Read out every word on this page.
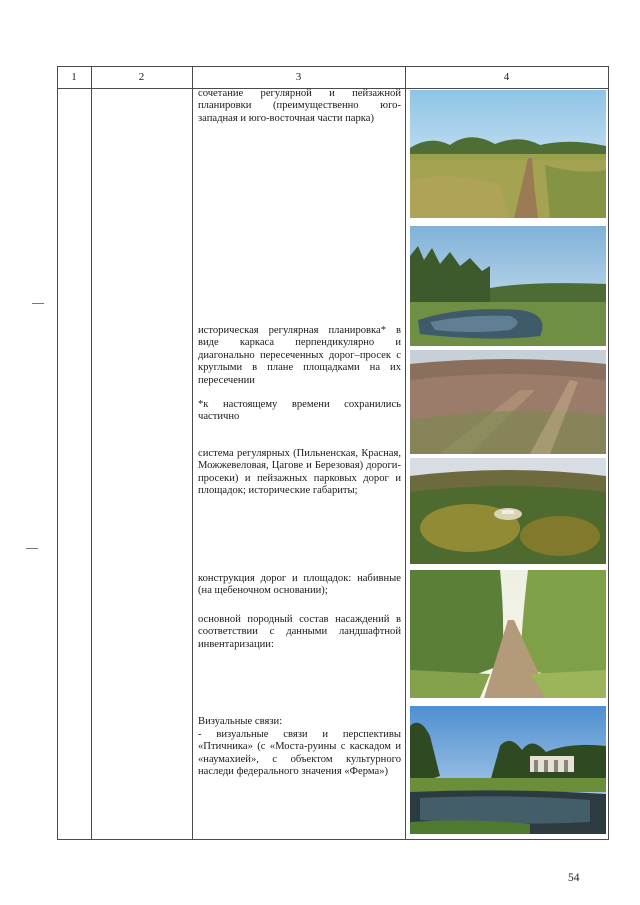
1	2	3	4

сочетание регулярной и пейзажной планировки (преимущественно юго-западная и юго-восточная части парка)

историческая регулярная планировка* в виде каркаса перпендикулярно и диагонально пересеченных дорог–просек с круглыми в плане площадками на их пересечении

*к настоящему времени сохранились частично

система регулярных (Пильненская, Красная, Можжевеловая, Цагове и Березовая) дороги-просеки) и пейзажных парковых дорог и площадок; исторические габариты;

конструкция дорог и площадок: набивные (на щебеночном основании);

основной породный состав насаждений в соответствии с данными ландшафтной инвентаризации:

Визуальные связи:

- визуальные связи и перспективы «Птичника» (с «Моста-руины с каскадом и «наумахией», с объектом культурного наследи федерального значения «Ферма»)

54
